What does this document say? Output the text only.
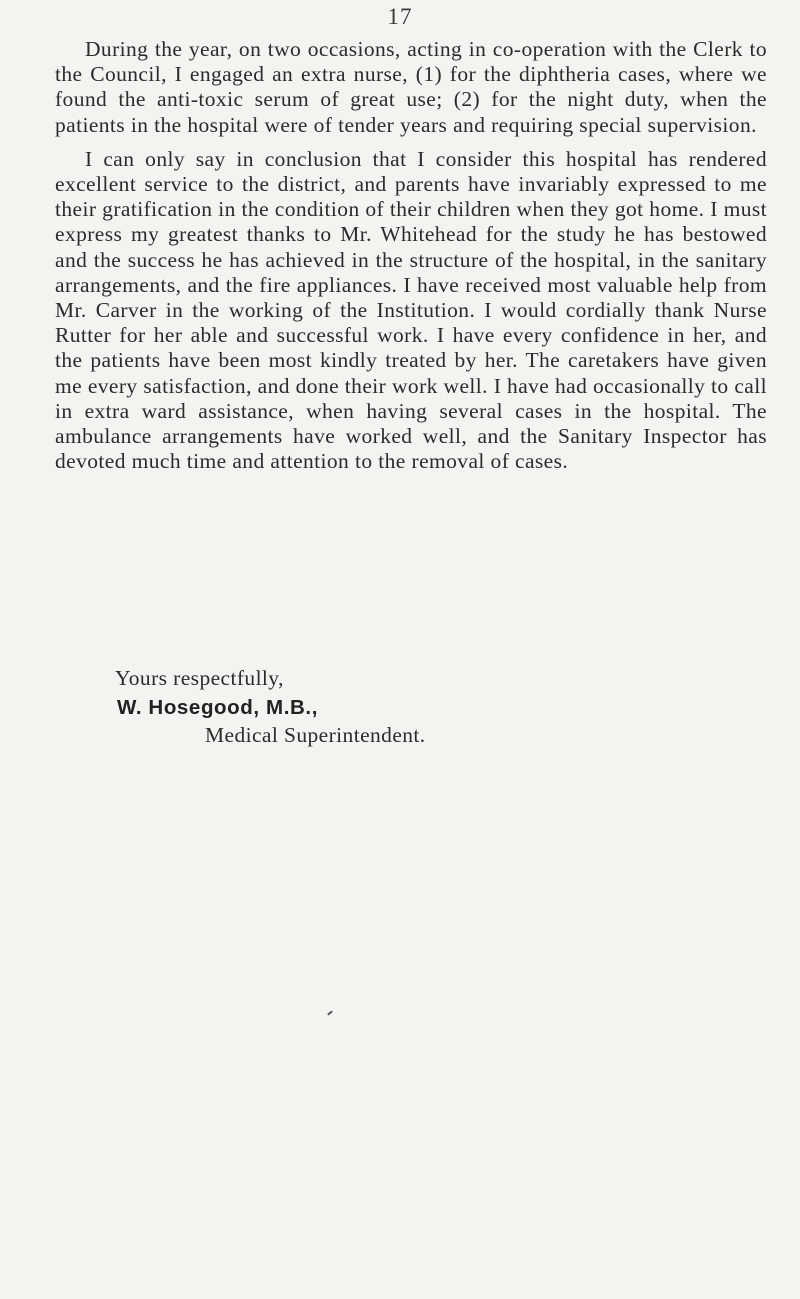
17

During the year, on two occasions, acting in co-operation with the Clerk to the Council, I engaged an extra nurse, (1) for the diphtheria cases, where we found the anti-toxic serum of great use; (2) for the night duty, when the patients in the hospital were of tender years and requiring special supervision.

I can only say in conclusion that I consider this hospital has rendered excellent service to the district, and parents have invariably expressed to me their gratification in the condition of their children when they got home. I must express my greatest thanks to Mr. Whitehead for the study he has bestowed and the success he has achieved in the structure of the hospital, in the sanitary arrangements, and the fire appliances. I have received most valuable help from Mr. Carver in the working of the Institution. I would cordially thank Nurse Rutter for her able and successful work. I have every confidence in her, and the patients have been most kindly treated by her. The caretakers have given me every satisfaction, and done their work well. I have had occasionally to call in extra ward assistance, when having several cases in the hospital. The ambulance arrangements have worked well, and the Sanitary Inspector has devoted much time and attention to the removal of cases.

Yours respectfully,
W. Hosegood, M.B.,
Medical Superintendent.
